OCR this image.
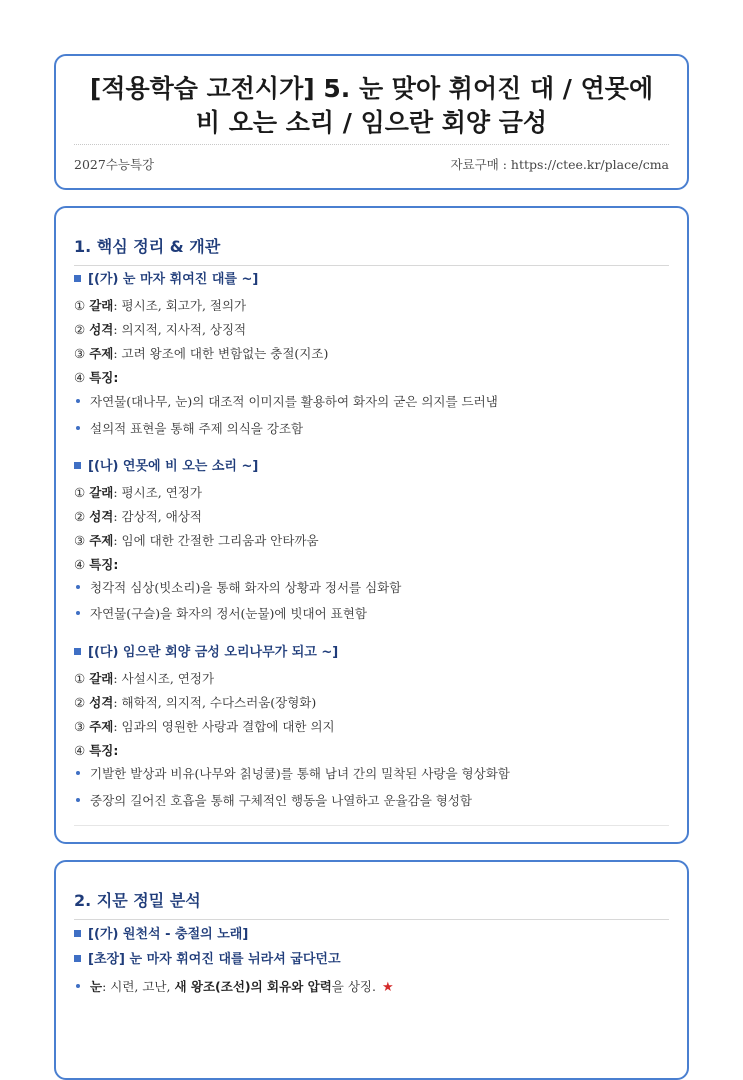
[적용학습 고전시가] 5. 눈 맞아 휘어진 대 / 연못에 비 오는 소리 / 임으란 회양 금성
2027수능특강	자료구매 : https://ctee.kr/place/cma
1. 핵심 정리 & 개관
[(가) 눈 마자 휘여진 대를 ~]
① 갈래: 평시조, 회고가, 절의가
② 성격: 의지적, 지사적, 상징적
③ 주제: 고려 왕조에 대한 변함없는 충절(지조)
④ 특징:
자연물(대나무, 눈)의 대조적 이미지를 활용하여 화자의 굳은 의지를 드러냄
설의적 표현을 통해 주제 의식을 강조함
[(나) 연못에 비 오는 소리 ~]
① 갈래: 평시조, 연정가
② 성격: 감상적, 애상적
③ 주제: 임에 대한 간절한 그리움과 안타까움
④ 특징:
청각적 심상(빗소리)을 통해 화자의 상황과 정서를 심화함
자연물(구슬)을 화자의 정서(눈물)에 빗대어 표현함
[(다) 임으란 회양 금성 오리나무가 되고 ~]
① 갈래: 사설시조, 연정가
② 성격: 해학적, 의지적, 수다스러움(장형화)
③ 주제: 임과의 영원한 사랑과 결합에 대한 의지
④ 특징:
기발한 발상과 비유(나무와 칡넝쿨)를 통해 남녀 간의 밀착된 사랑을 형상화함
중장의 길어진 호흡을 통해 구체적인 행동을 나열하고 운율감을 형성함
2. 지문 정밀 분석
[(가) 원천석 - 충절의 노래]
[초장] 눈 마자 휘여진 대를 뉘라셔 굽다던고
눈: 시련, 고난, 새 왕조(조선)의 회유와 압력을 상징. ★
